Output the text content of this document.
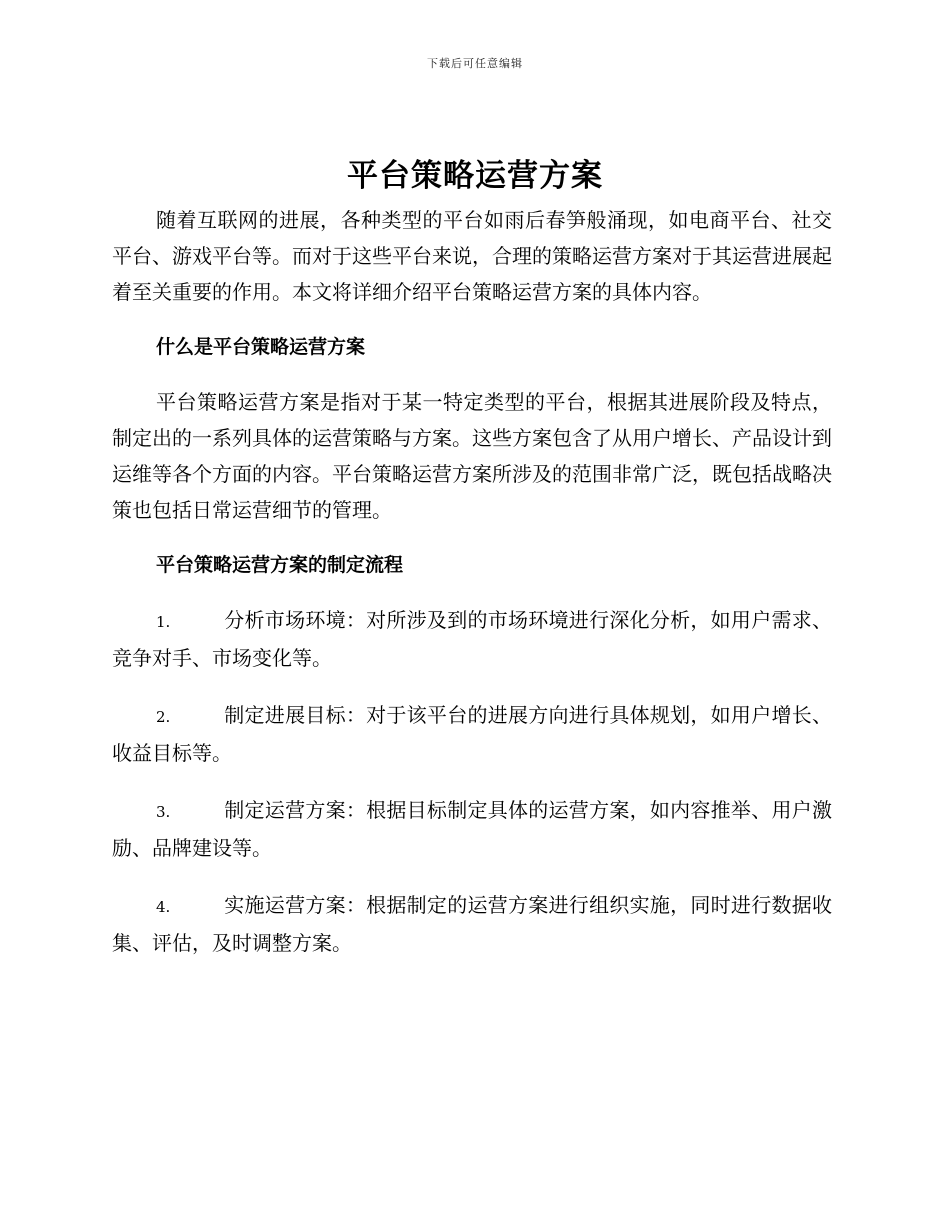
下载后可任意编辑
平台策略运营方案

随着互联网的进展，各种类型的平台如雨后春笋般涌现，如电商平台、社交平台、游戏平台等。而对于这些平台来说，合理的策略运营方案对于其运营进展起着至关重要的作用。本文将详细介绍平台策略运营方案的具体内容。

什么是平台策略运营方案

平台策略运营方案是指对于某一特定类型的平台，根据其进展阶段及特点，制定出的一系列具体的运营策略与方案。这些方案包含了从用户增长、产品设计到运维等各个方面的内容。平台策略运营方案所涉及的范围非常广泛，既包括战略决策也包括日常运营细节的管理。

平台策略运营方案的制定流程

1.	分析市场环境：对所涉及到的市场环境进行深化分析，如用户需求、竞争对手、市场变化等。

2.	制定进展目标：对于该平台的进展方向进行具体规划，如用户增长、收益目标等。

3.	制定运营方案：根据目标制定具体的运营方案，如内容推举、用户激励、品牌建设等。

4.	实施运营方案：根据制定的运营方案进行组织实施，同时进行数据收集、评估，及时调整方案。
